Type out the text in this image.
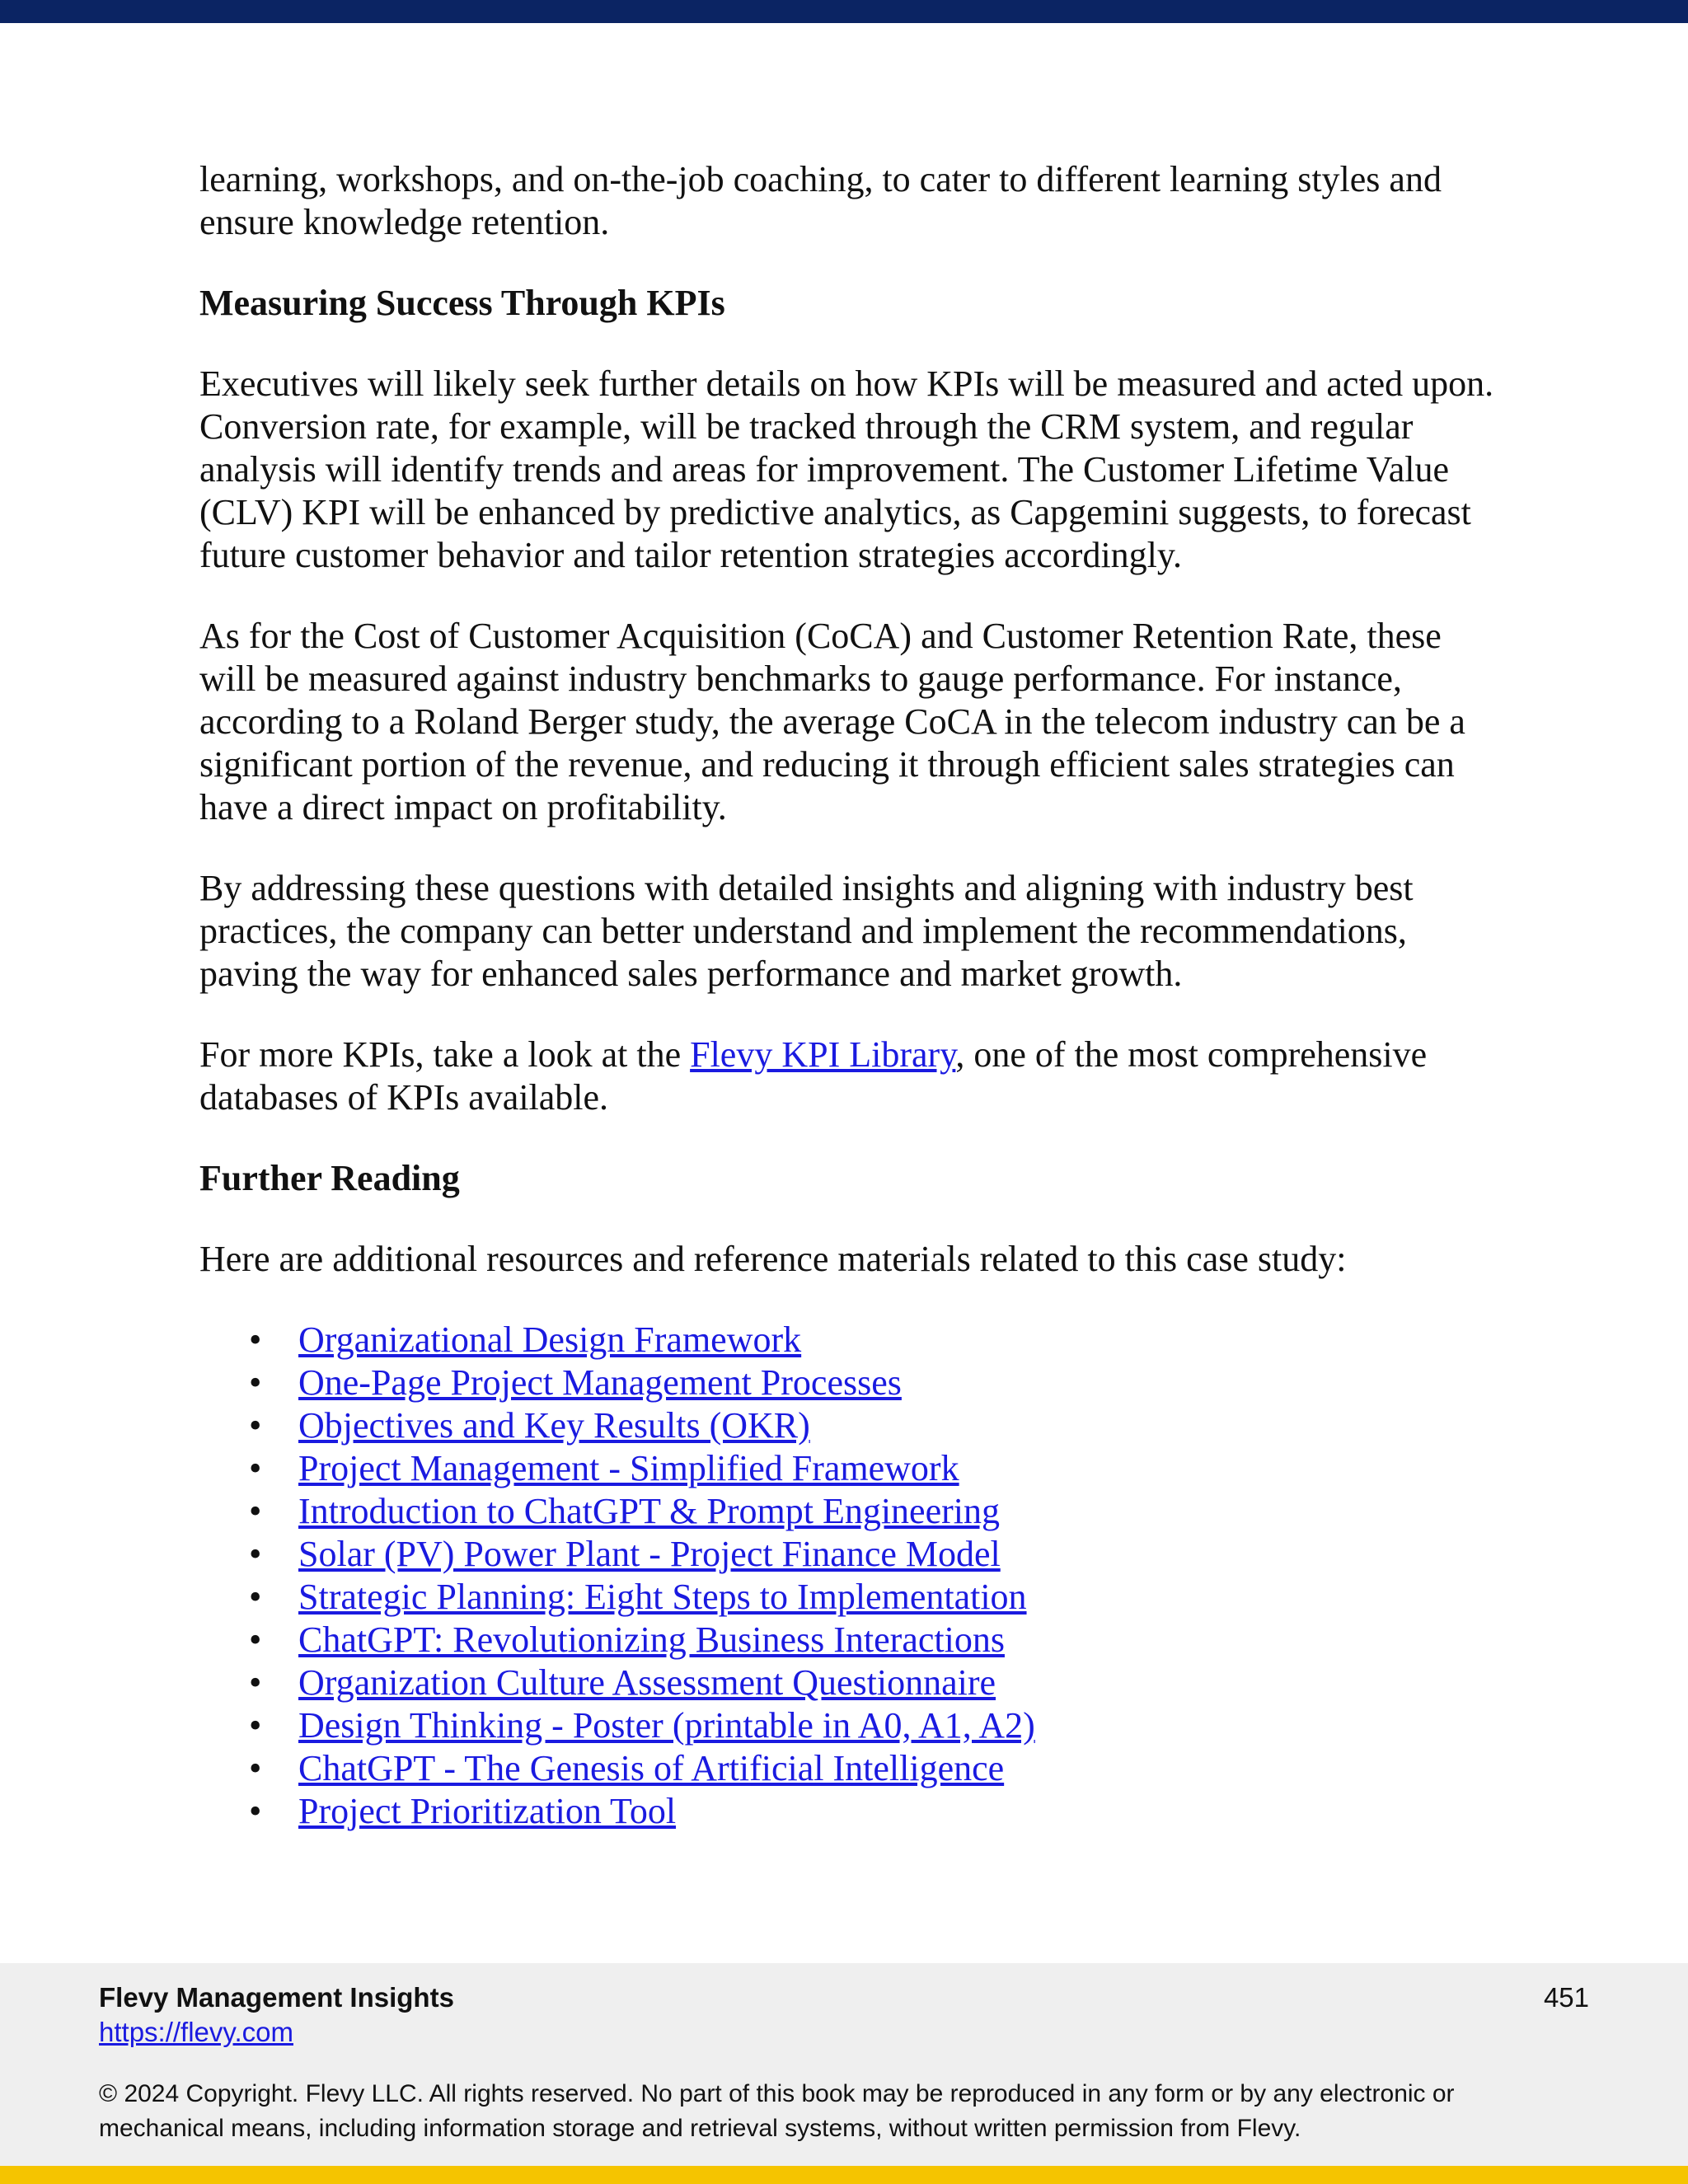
learning, workshops, and on-the-job coaching, to cater to different learning styles and ensure knowledge retention.

Measuring Success Through KPIs

Executives will likely seek further details on how KPIs will be measured and acted upon. Conversion rate, for example, will be tracked through the CRM system, and regular analysis will identify trends and areas for improvement. The Customer Lifetime Value (CLV) KPI will be enhanced by predictive analytics, as Capgemini suggests, to forecast future customer behavior and tailor retention strategies accordingly.

As for the Cost of Customer Acquisition (CoCA) and Customer Retention Rate, these will be measured against industry benchmarks to gauge performance. For instance, according to a Roland Berger study, the average CoCA in the telecom industry can be a significant portion of the revenue, and reducing it through efficient sales strategies can have a direct impact on profitability.

By addressing these questions with detailed insights and aligning with industry best practices, the company can better understand and implement the recommendations, paving the way for enhanced sales performance and market growth.

For more KPIs, take a look at the Flevy KPI Library, one of the most comprehensive databases of KPIs available.

Further Reading

Here are additional resources and reference materials related to this case study:

• Organizational Design Framework
• One-Page Project Management Processes
• Objectives and Key Results (OKR)
• Project Management - Simplified Framework
• Introduction to ChatGPT & Prompt Engineering
• Solar (PV) Power Plant - Project Finance Model
• Strategic Planning: Eight Steps to Implementation
• ChatGPT: Revolutionizing Business Interactions
• Organization Culture Assessment Questionnaire
• Design Thinking - Poster (printable in A0, A1, A2)
• ChatGPT - The Genesis of Artificial Intelligence
• Project Prioritization Tool
Flevy Management Insights
https://flevy.com
451
© 2024 Copyright. Flevy LLC. All rights reserved. No part of this book may be reproduced in any form or by any electronic or mechanical means, including information storage and retrieval systems, without written permission from Flevy.
